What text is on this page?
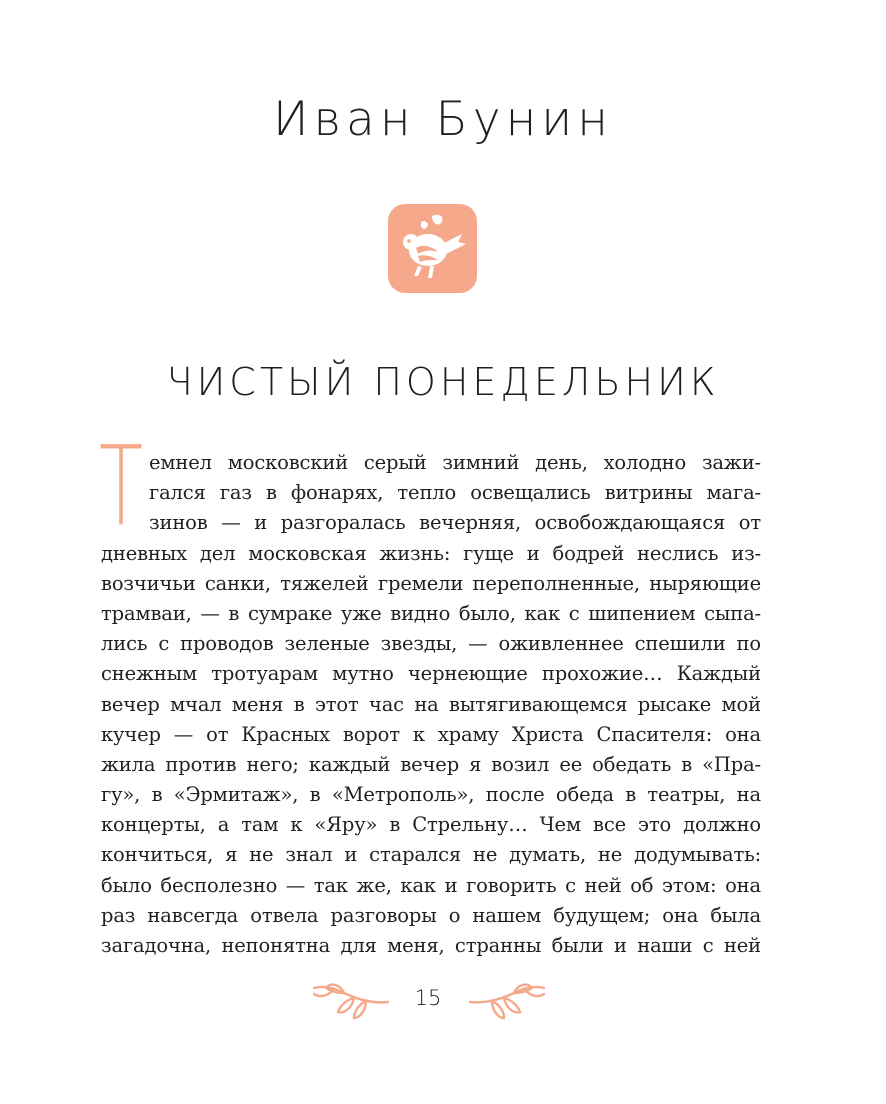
Иван Бунин
ЧИСТЫЙ ПОНЕДЕЛЬНИК
Т емнел московский серый зимний день, холодно зажи-
гался газ в фонарях, тепло освещались витрины мага-
зинов — и разгоралась вечерняя, освобождающаяся от
дневных дел московская жизнь: гуще и бодрей неслись из-
возчичьи санки, тяжелей гремели переполненные, ныряющие
трамваи, — в сумраке уже видно было, как с шипением сыпа-
лись с проводов зеленые звезды, — оживленнее спешили по
снежным тротуарам мутно чернеющие прохожие… Каждый
вечер мчал меня в этот час на вытягивающемся рысаке мой
кучер — от Красных ворот к храму Христа Спасителя: она
жила против него; каждый вечер я возил ее обедать в «Пра-
гу», в «Эрмитаж», в «Метрополь», после обеда в театры, на
концерты, а там к «Яру» в Стрельну… Чем все это должно
кончиться, я не знал и старался не думать, не додумывать:
было бесполезно — так же, как и говорить с ней об этом: она
раз навсегда отвела разговоры о нашем будущем; она была
загадочна, непонятна для меня, странны были и наши с ней
15
